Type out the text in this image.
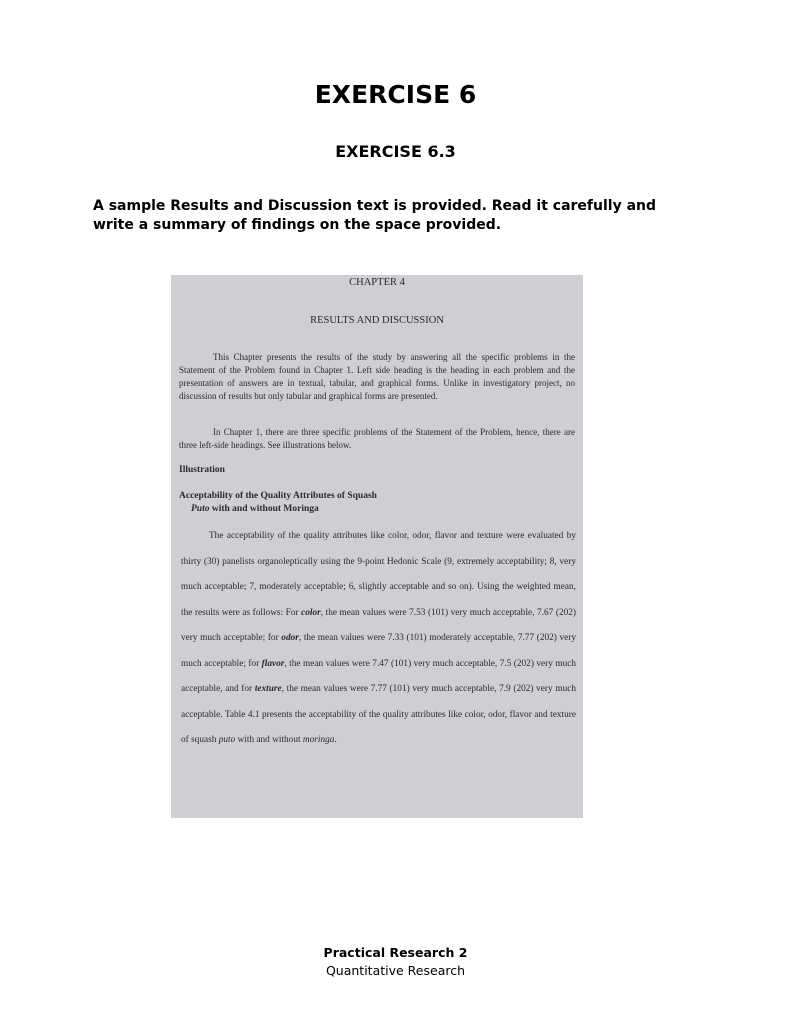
EXERCISE 6
EXERCISE 6.3
A sample Results and Discussion text is provided. Read it carefully and write a summary of findings on the space provided.
CHAPTER 4
RESULTS AND DISCUSSION
This Chapter presents the results of the study by answering all the specific problems in the Statement of the Problem found in Chapter 1. Left side heading is the heading in each problem and the presentation of answers are in textual, tabular, and graphical forms. Unlike in investigatory project, no discussion of results but only tabular and graphical forms are presented.
In Chapter 1, there are three specific problems of the Statement of the Problem, hence, there are three left-side headings. See illustrations below.
Illustration
Acceptability of the Quality Attributes of Squash
Puto with and without Moringa
The acceptability of the quality attributes like color, odor, flavor and texture were evaluated by thirty (30) panelists organoleptically using the 9-point Hedonic Scale (9, extremely acceptability; 8, very much acceptable; 7, moderately acceptable; 6, slightly acceptable and so on). Using the weighted mean, the results were as follows: For color, the mean values were 7.53 (101) very much acceptable, 7.67 (202) very much acceptable; for odor, the mean values were 7.33 (101) moderately acceptable, 7.77 (202) very much acceptable; for flavor, the mean values were 7.47 (101) very much acceptable, 7.5 (202) very much acceptable, and for texture, the mean values were 7.77 (101) very much acceptable, 7.9 (202) very much acceptable. Table 4.1 presents the acceptability of the quality attributes like color, odor, flavor and texture of squash puto with and without moringa.
Practical Research 2
Quantitative Research
